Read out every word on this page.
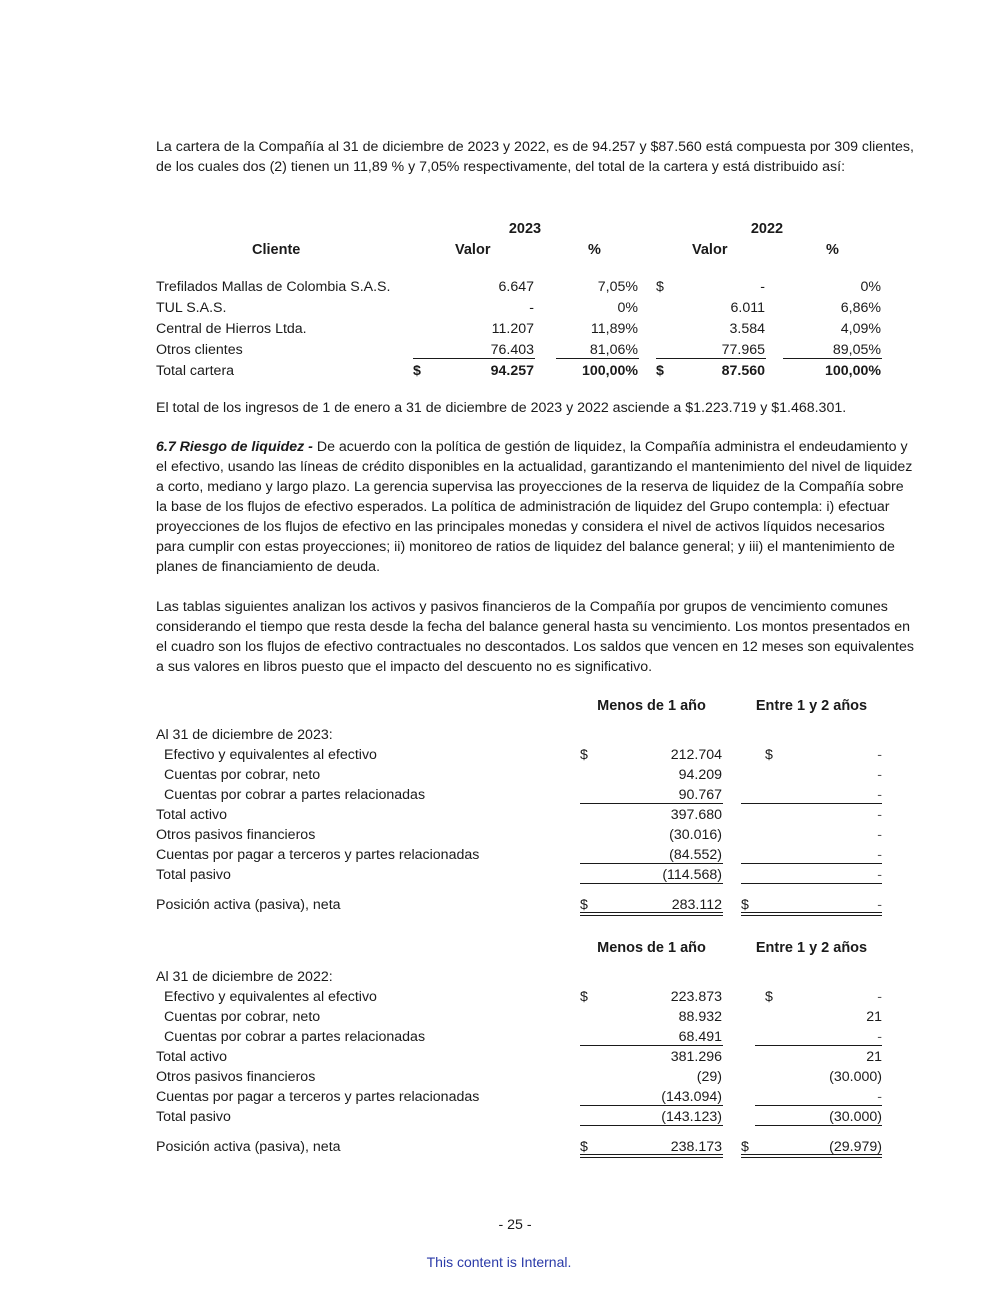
La cartera de la Compañía al 31 de diciembre de 2023 y 2022, es de 94.257 y $87.560 está compuesta por 309 clientes, de los cuales dos (2) tienen un 11,89 % y 7,05% respectivamente, del total de la cartera y está distribuido así:

2023	2022
Cliente	Valor	%	Valor	%
Trefilados Mallas de Colombia S.A.S.	6.647	7,05% $	-	0%
TUL S.A.S.	-	0%	6.011	6,86%
Central de Hierros Ltda.	11.207	11,89%	3.584	4,09%
Otros clientes	76.403	81,06%	77.965	89,05%
Total cartera	$	94.257	100,00% $	87.560	100,00%

El total de los ingresos de 1 de enero a 31 de diciembre de 2023 y 2022 asciende a $1.223.719 y $1.468.301.

6.7 Riesgo de liquidez - De acuerdo con la política de gestión de liquidez, la Compañía administra el endeudamiento y el efectivo, usando las líneas de crédito disponibles en la actualidad, garantizando el mantenimiento del nivel de liquidez a corto, mediano y largo plazo. La gerencia supervisa las proyecciones de la reserva de liquidez de la Compañía sobre la base de los flujos de efectivo esperados. La política de administración de liquidez del Grupo contempla: i) efectuar proyecciones de los flujos de efectivo en las principales monedas y considera el nivel de activos líquidos necesarios para cumplir con estas proyecciones; ii) monitoreo de ratios de liquidez del balance general; y iii) el mantenimiento de planes de financiamiento de deuda.

Las tablas siguientes analizan los activos y pasivos financieros de la Compañía por grupos de vencimiento comunes considerando el tiempo que resta desde la fecha del balance general hasta su vencimiento. Los montos presentados en el cuadro son los flujos de efectivo contractuales no descontados. Los saldos que vencen en 12 meses son equivalentes a sus valores en libros puesto que el impacto del descuento no es significativo.

Menos de 1 año	Entre 1 y 2 años
Al 31 de diciembre de 2023:
Efectivo y equivalentes al efectivo	$	212.704	$	-
Cuentas por cobrar, neto	94.209	-
Cuentas por cobrar a partes relacionadas	90.767	-
Total activo	397.680	-
Otros pasivos financieros	(30.016)	-
Cuentas por pagar a terceros y partes relacionadas	(84.552)	-
Total pasivo	(114.568)	-
Posición activa (pasiva), neta	$	283.112 $	-
Menos de 1 año	Entre 1 y 2 años
Al 31 de diciembre de 2022:
Efectivo y equivalentes al efectivo	$	223.873	$	-
Cuentas por cobrar, neto	88.932	21
Cuentas por cobrar a partes relacionadas	68.491	-
Total activo	381.296	21
Otros pasivos financieros	(29)	(30.000)
Cuentas por pagar a terceros y partes relacionadas	(143.094)	-
Total pasivo	(143.123)	(30.000)
Posición activa (pasiva), neta	$	238.173 $	(29.979)
- 25 -
This content is Internal.
